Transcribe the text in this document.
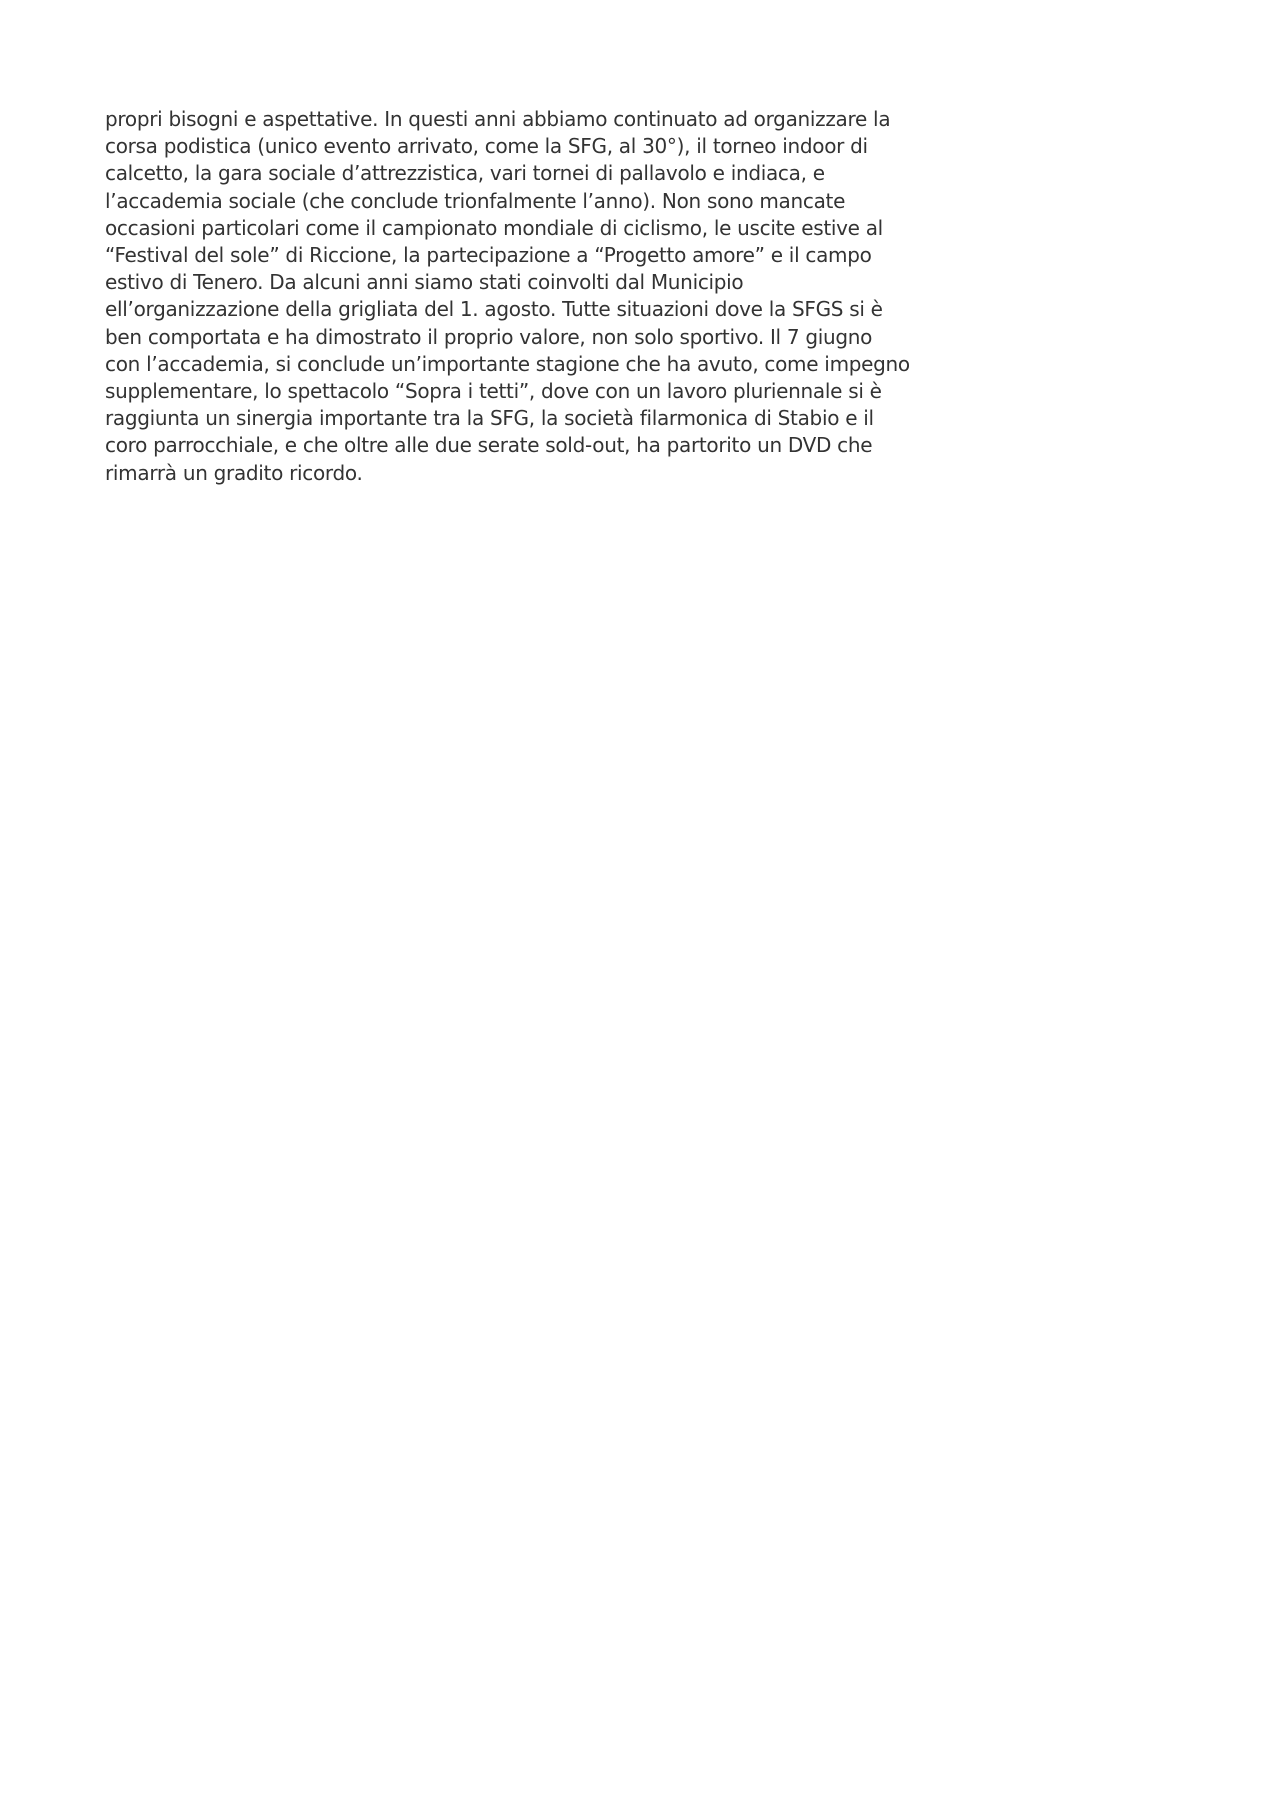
propri bisogni e aspettative. In questi anni abbiamo continuato ad organizzare la
corsa podistica (unico evento arrivato, come la SFG, al 30°), il torneo indoor di
calcetto, la gara sociale d’attrezzistica, vari tornei di pallavolo e indiaca, e
l’accademia sociale (che conclude trionfalmente l’anno). Non sono mancate
occasioni particolari come il campionato mondiale di ciclismo, le uscite estive al
“Festival del sole” di Riccione, la partecipazione a “Progetto amore” e il campo
estivo di Tenero. Da alcuni anni siamo stati coinvolti dal Municipio
ell’organizzazione della grigliata del 1. agosto. Tutte situazioni dove la SFGS si è
ben comportata e ha dimostrato il proprio valore, non solo sportivo. Il 7 giugno
con l’accademia, si conclude un’importante stagione che ha avuto, come impegno
supplementare, lo spettacolo “Sopra i tetti”, dove con un lavoro pluriennale si è
raggiunta un sinergia importante tra la SFG, la società filarmonica di Stabio e il
coro parrocchiale, e che oltre alle due serate sold-out, ha partorito un DVD che
rimarrà un gradito ricordo.
